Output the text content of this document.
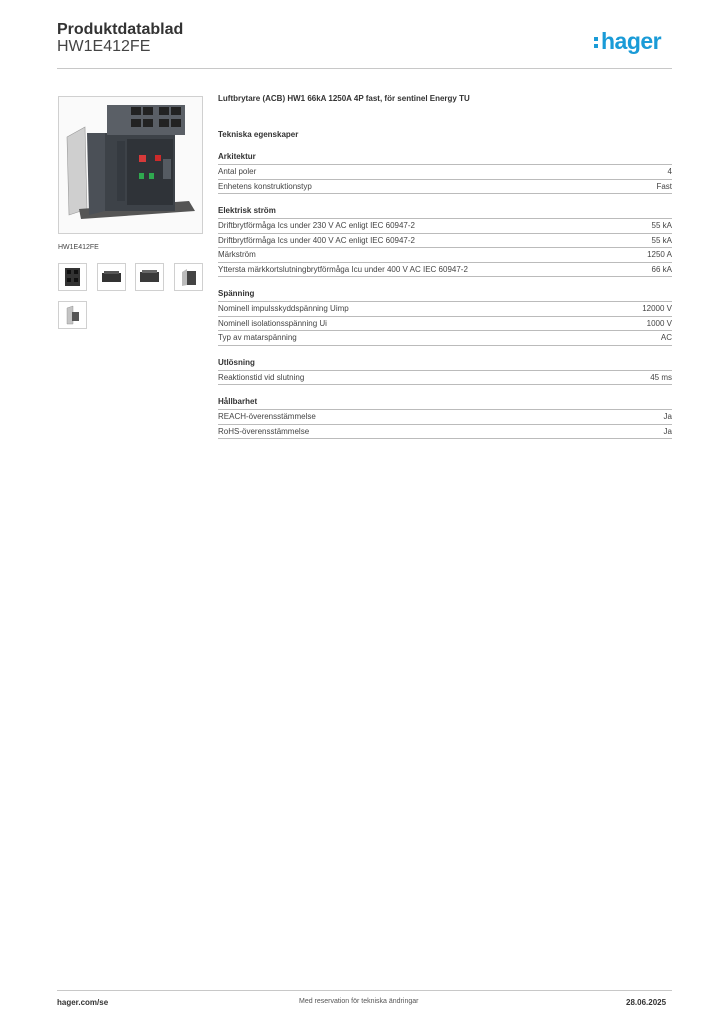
Produktdatablad
HW1E412FE	hager
HW1E412FE
Luftbrytare (ACB) HW1 66kA 1250A 4P fast, för sentinel Energy TU
Tekniska egenskaper
Arkitektur
Antal poler	4
Enhetens konstruktionstyp	Fast
Elektrisk ström
Driftbrytförmåga Ics under 230 V AC enligt IEC 60947-2	55 kA
Driftbrytförmåga Ics under 400 V AC enligt IEC 60947-2	55 kA
Märkström	1250 A
Yttersta märkkortslutningbrytförmåga Icu under 400 V AC IEC 60947-2	66 kA
Spänning
Nominell impulsskyddspänning Uimp	12000 V
Nominell isolationsspänning Ui	1000 V
Typ av matarspänning	AC
Utlösning
Reaktionstid vid slutning	45 ms
Hållbarhet
REACH-överensstämmelse	Ja
RoHS-överensstämmelse	Ja
hager.com/se	Med reservation för tekniska ändringar	28.06.2025
